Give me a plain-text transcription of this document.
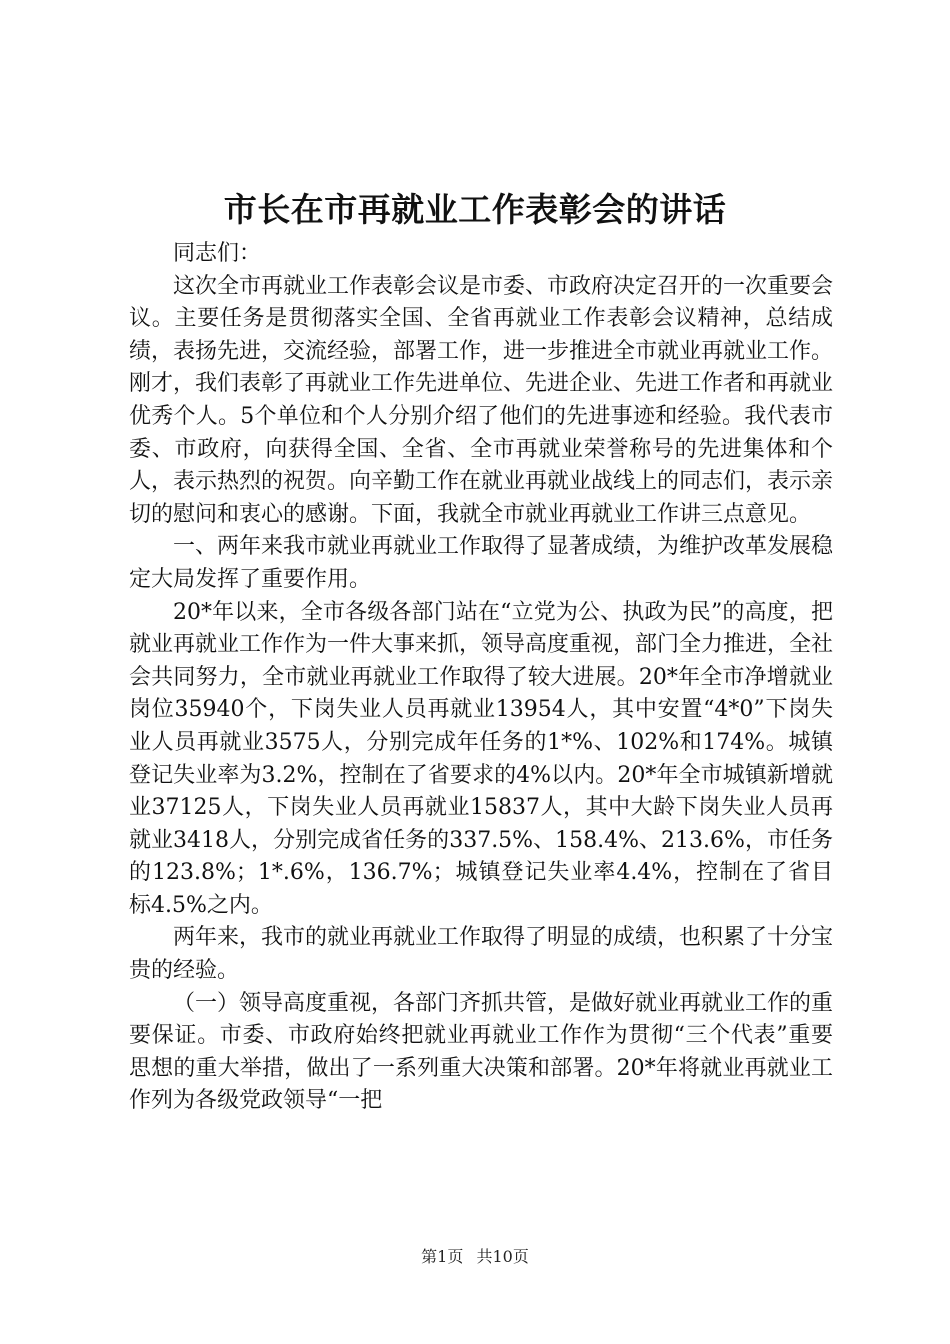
市长在市再就业工作表彰会的讲话

同志们：

这次全市再就业工作表彰会议是市委、市政府决定召开的一次重要会议。主要任务是贯彻落实全国、全省再就业工作表彰会议精神，总结成绩，表扬先进，交流经验，部署工作，进一步推进全市就业再就业工作。刚才，我们表彰了再就业工作先进单位、先进企业、先进工作者和再就业优秀个人。5个单位和个人分别介绍了他们的先进事迹和经验。我代表市委、市政府，向获得全国、全省、全市再就业荣誉称号的先进集体和个人，表示热烈的祝贺。向辛勤工作在就业再就业战线上的同志们，表示亲切的慰问和衷心的感谢。下面，我就全市就业再就业工作讲三点意见。

一、两年来我市就业再就业工作取得了显著成绩，为维护改革发展稳定大局发挥了重要作用。

20*年以来，全市各级各部门站在“立党为公、执政为民”的高度，把就业再就业工作作为一件大事来抓，领导高度重视，部门全力推进，全社会共同努力，全市就业再就业工作取得了较大进展。20*年全市净增就业岗位35940个，下岗失业人员再就业13954人，其中安置“4*0”下岗失业人员再就业3575人，分别完成年任务的1*%、102%和174%。城镇登记失业率为3.2%，控制在了省要求的4%以内。20*年全市城镇新增就业37125人，下岗失业人员再就业15837人，其中大龄下岗失业人员再就业3418人，分别完成省任务的337.5%、158.4%、213.6%，市任务的123.8%；1*.6%，136.7%；城镇登记失业率4.4%，控制在了省目标4.5%之内。

两年来，我市的就业再就业工作取得了明显的成绩，也积累了十分宝贵的经验。

（一）领导高度重视，各部门齐抓共管，是做好就业再就业工作的重要保证。市委、市政府始终把就业再就业工作作为贯彻“三个代表”重要思想的重大举措，做出了一系列重大决策和部署。20*年将就业再就业工作列为各级党政领导“一把

第1页 共10页
